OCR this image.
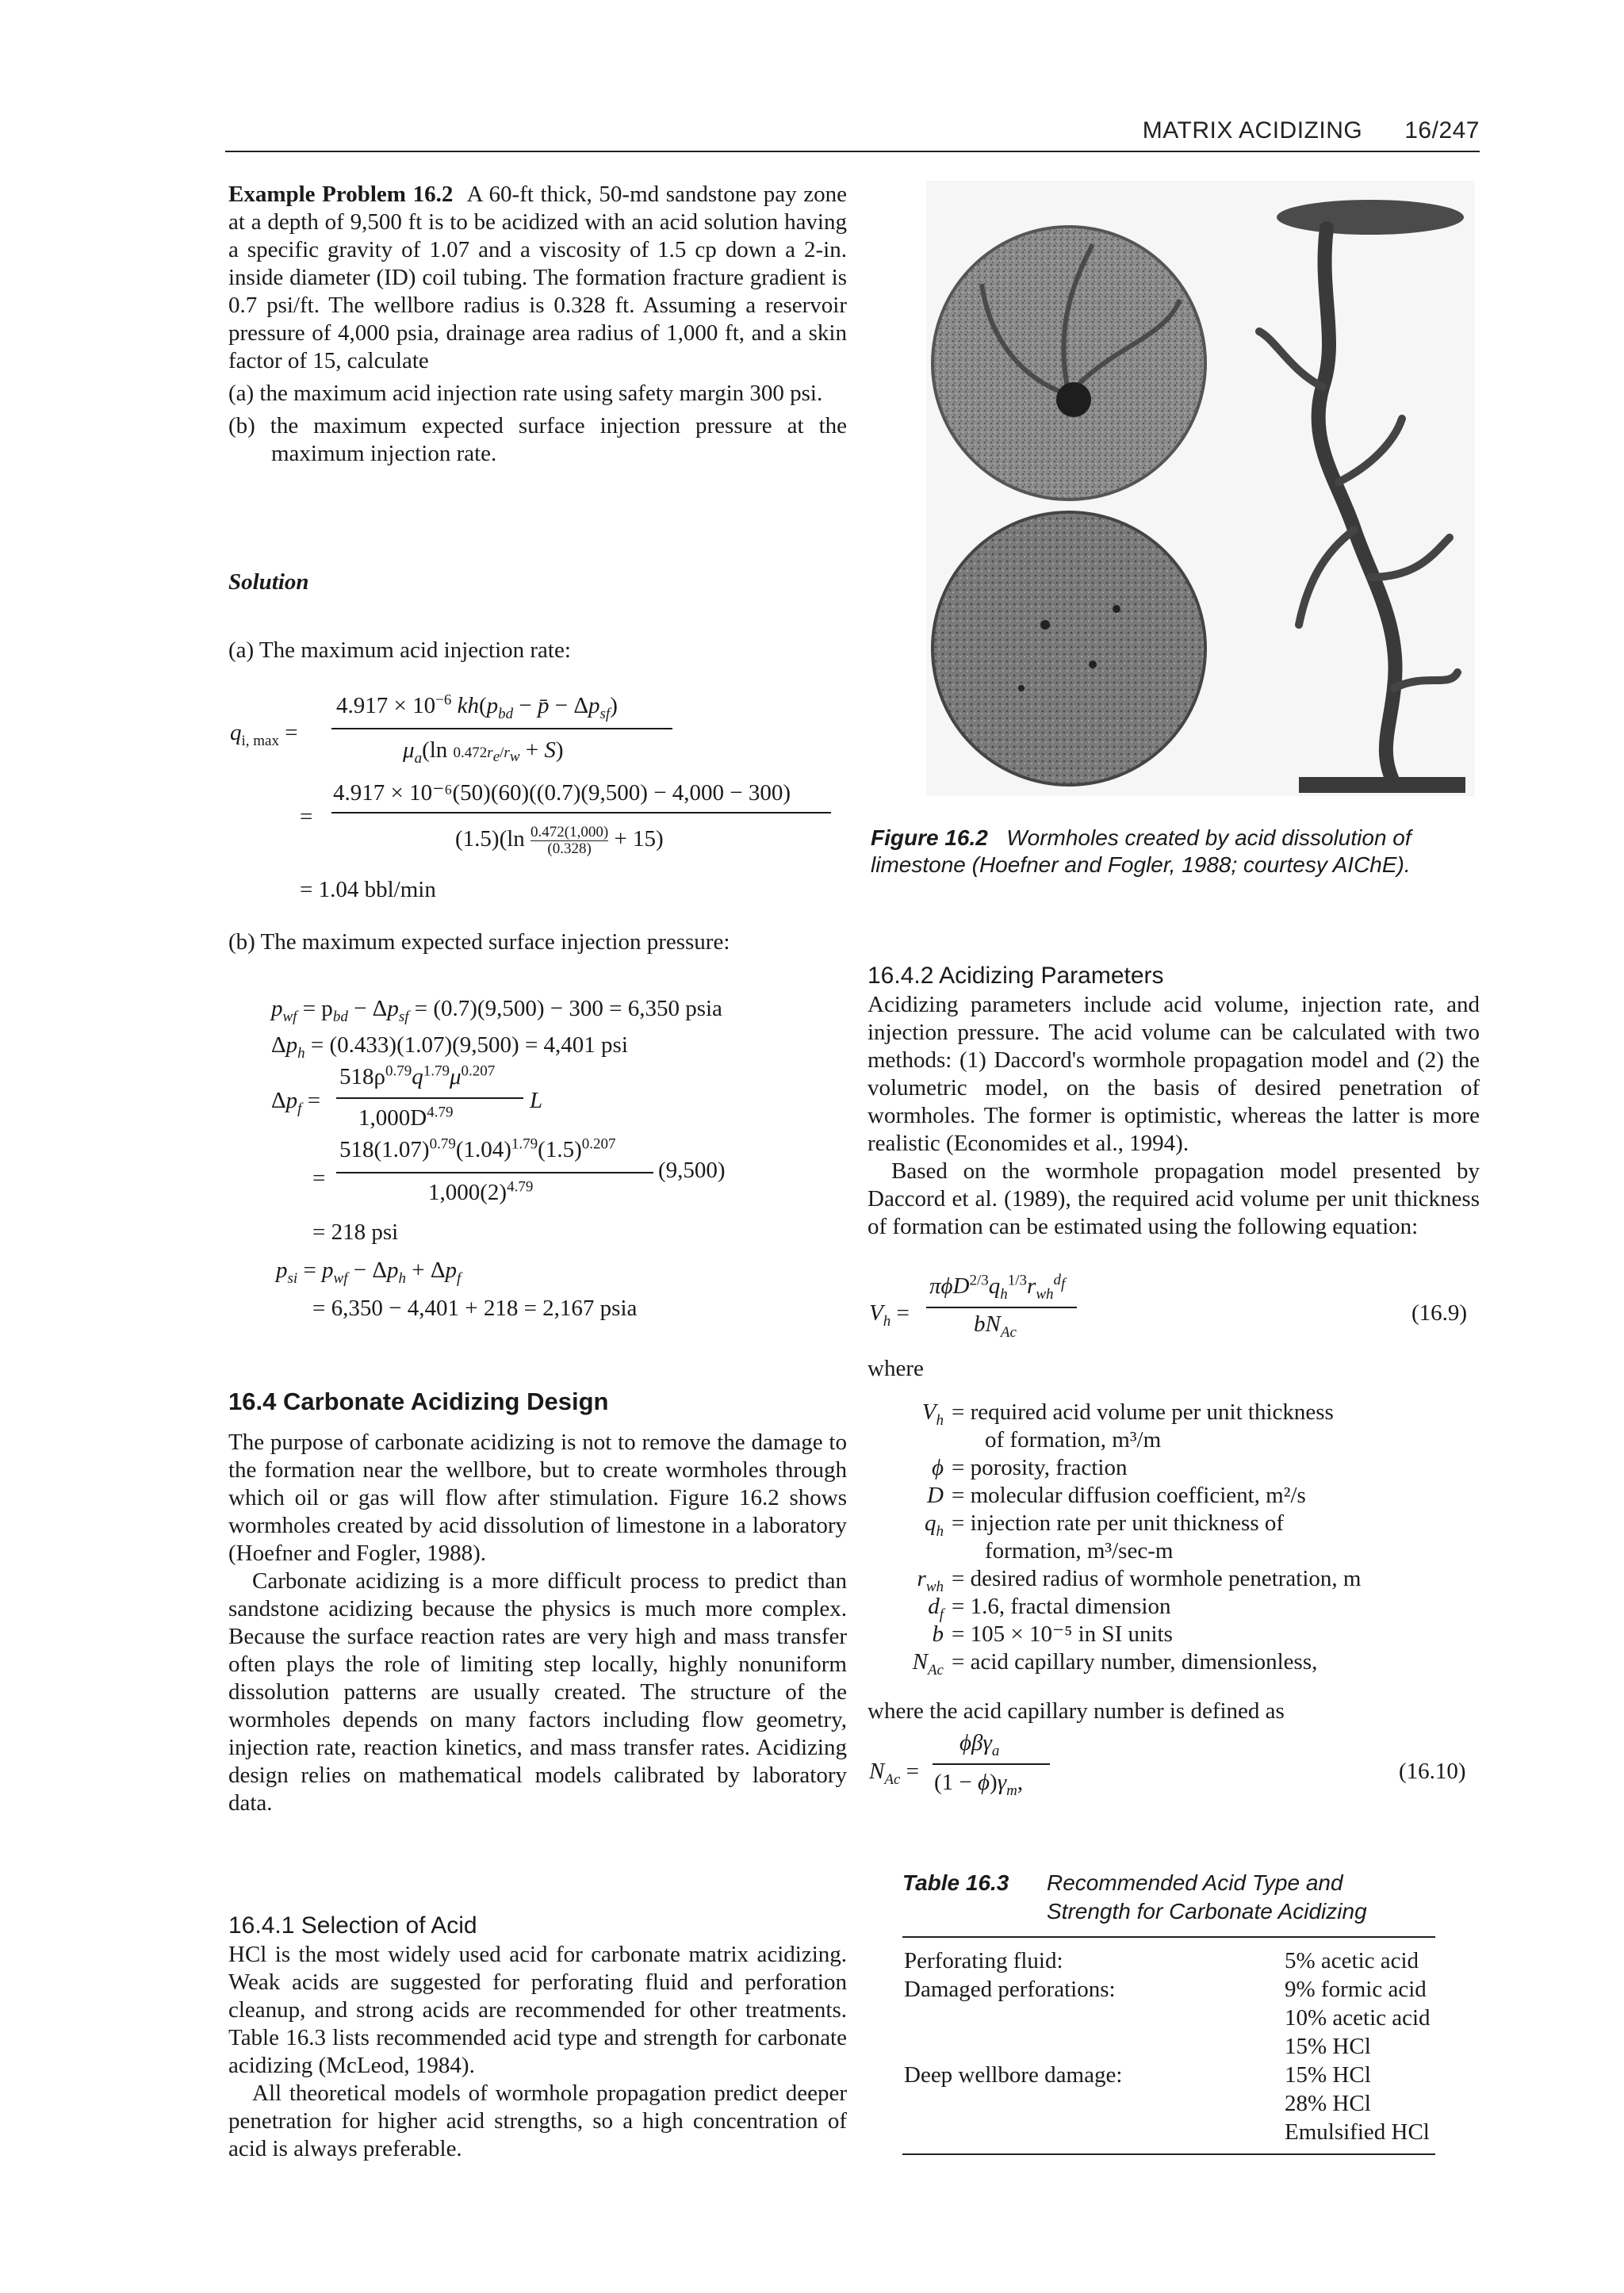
MATRIX ACIDIZING 16/247

Example Problem 16.2 A 60-ft thick, 50-md sandstone pay zone at a depth of 9,500 ft is to be acidized with an acid solution having a specific gravity of 1.07 and a viscosity of 1.5 cp down a 2-in. inside diameter (ID) coil tubing. The formation fracture gradient is 0.7 psi/ft. The wellbore radius is 0.328 ft. Assuming a reservoir pressure of 4,000 psia, drainage area radius of 1,000 ft, and a skin factor of 15, calculate

(a) the maximum acid injection rate using safety margin 300 psi.

(b) the maximum expected surface injection pressure at the maximum injection rate.

Solution
(a) The maximum acid injection rate:
$q_{i, max}$ =
$4.917 \times 10^{-6}$ $kh(p_{bd}$ − p̄ − $\Delta p_{sf}$)
$\mu_a(\ln$ $0.472r_e/r_w + S$)
=
4.917 × 10⁻⁶(50)(60)((0.7)(9,500) − 4,000 − 300)
$(1.5)(\ln \frac{0.472(1,000)}{(0.328)} + 15)$
= 1.04 bbl/min
(b) The maximum expected surface injection pressure:
$p_{wf} = p_{bd} - \Delta p_{sf} = (0.7)(9,500) - 300 = 6,350$ psia
$\Delta p_h = (0.433)(1.07)(9,500) = 4,401$ psi
$\Delta p_f$ =
$518\rho^{0.79}q^{1.79}\mu^{0.207}$
$1,000D^{4.79}$	L
=
$518(1.07)^{0.79}(1.04)^{1.79}(1.5)^{0.207}$
$1,000(2)^{4.79}$
(9,500)
= 218 psi
$p_{si} = p_{wf} - \Delta p_h + \Delta p_f$
= 6,350 − 4,401 + 218 = 2,167 psia
16.4 Carbonate Acidizing Design

The purpose of carbonate acidizing is not to remove the damage to the formation near the wellbore, but to create wormholes through which oil or gas will flow after stimulation. Figure 16.2 shows wormholes created by acid dissolution of limestone in a laboratory (Hoefner and Fogler, 1988).

Carbonate acidizing is a more difficult process to predict than sandstone acidizing because the physics is much more complex. Because the surface reaction rates are very high and mass transfer often plays the role of limiting step locally, highly nonuniform dissolution patterns are usually created. The structure of the wormholes depends on many factors including flow geometry, injection rate, reaction kinetics, and mass transfer rates. Acidizing design relies on mathematical models calibrated by laboratory data.

16.4.1 Selection of Acid

HCl is the most widely used acid for carbonate matrix acidizing. Weak acids are suggested for perforating fluid and perforation cleanup, and strong acids are recommended for other treatments. Table 16.3 lists recommended acid type and strength for carbonate acidizing (McLeod, 1984).

All theoretical models of wormhole propagation predict deeper penetration for higher acid strengths, so a high concentration of acid is always preferable.

Figure 16.2 Wormholes created by acid dissolution of limestone (Hoefner and Fogler, 1988; courtesy AIChE).
16.4.2 Acidizing Parameters

Acidizing parameters include acid volume, injection rate, and injection pressure. The acid volume can be calculated with two methods: (1) Daccord's wormhole propagation model and (2) the volumetric model, on the basis of desired penetration of wormholes. The former is optimistic, whereas the latter is more realistic (Economides et al., 1994).

Based on the wormhole propagation model presented by Daccord et al. (1989), the required acid volume per unit thickness of formation can be estimated using the following equation:

$V_h$ =
$\pi\phi D^{2/3}q_h^{1/3}r_{wh}^{d_f}$
$bN_{Ac}$
(16.9)
where
$V_h$ = required acid volume per unit thickness
of formation, m³/m
ϕ = porosity, fraction
D = molecular diffusion coefficient, m²/s
$q_h$ = injection rate per unit thickness of
formation, m³/sec-m
$r_{wh}$ = desired radius of wormhole penetration, m
$d_f = 1.6$, fractal dimension
b = 105 × 10⁻⁵ in SI units
$N_{Ac}$ = acid capillary number, dimensionless,
where the acid capillary number is defined as
$N_{Ac}$ =
ϕβγ$_a$
$(1 - \phi)\gamma_m$,	(16.10)
Table 16.3 Recommended Acid Type and
Strength for Carbonate Acidizing
Perforating fluid:	5% acetic acid
Damaged perforations:	9% formic acid
10% acetic acid
15% HCl
Deep wellbore damage:	15% HCl
28% HCl
Emulsified HCl
